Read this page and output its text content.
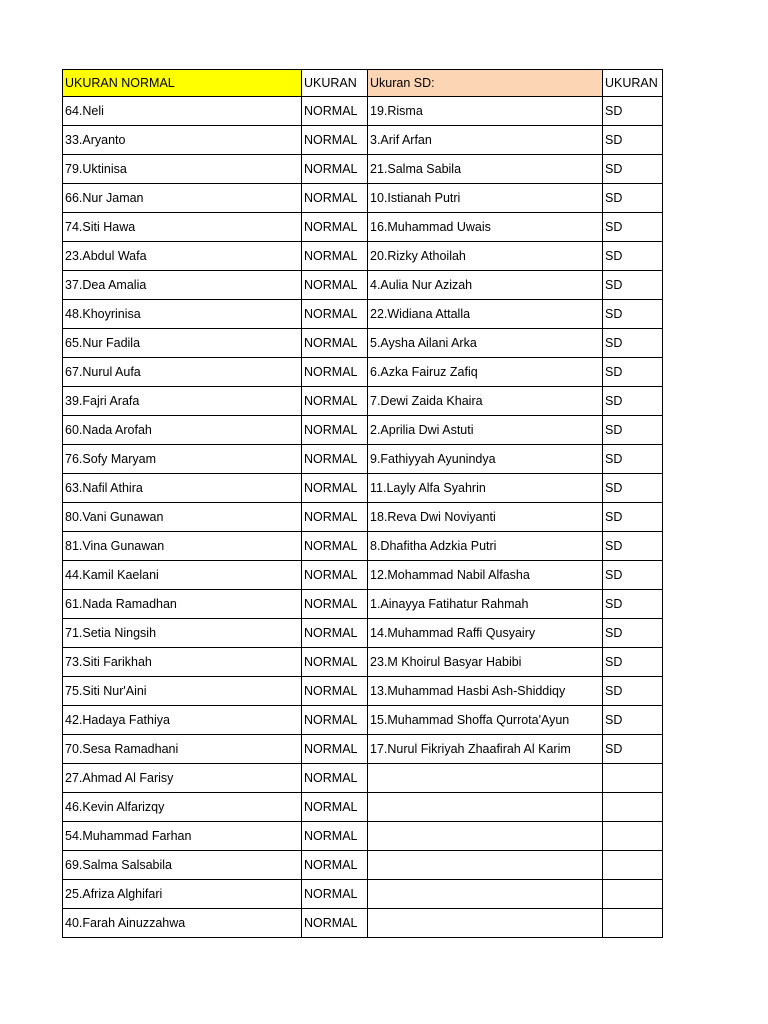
UKURAN NORMAL	UKURAN	Ukuran SD:	UKURAN
64.Neli	NORMAL	19.Risma	SD
33.Aryanto	NORMAL	3.Arif Arfan	SD
79.Uktinisa	NORMAL	21.Salma Sabila	SD
66.Nur Jaman	NORMAL	10.Istianah Putri	SD
74.Siti Hawa	NORMAL	16.Muhammad Uwais	SD
23.Abdul Wafa	NORMAL	20.Rizky Athoilah	SD
37.Dea Amalia	NORMAL	4.Aulia Nur Azizah	SD
48.Khoyrinisa	NORMAL	22.Widiana Attalla	SD
65.Nur Fadila	NORMAL	5.Aysha Ailani Arka	SD
67.Nurul Aufa	NORMAL	6.Azka Fairuz Zafiq	SD
39.Fajri Arafa	NORMAL	7.Dewi Zaida Khaira	SD
60.Nada Arofah	NORMAL	2.Aprilia Dwi Astuti	SD
76.Sofy Maryam	NORMAL	9.Fathiyyah Ayunindya	SD
63.Nafil Athira	NORMAL	11.Layly Alfa Syahrin	SD
80.Vani Gunawan	NORMAL	18.Reva Dwi Noviyanti	SD
81.Vina Gunawan	NORMAL	8.Dhafitha Adzkia Putri	SD
44.Kamil Kaelani	NORMAL	12.Mohammad Nabil Alfasha	SD
61.Nada Ramadhan	NORMAL	1.Ainayya Fatihatur Rahmah	SD
71.Setia Ningsih	NORMAL	14.Muhammad Raffi Qusyairy	SD
73.Siti Farikhah	NORMAL	23.M Khoirul Basyar Habibi	SD
75.Siti Nur'Aini	NORMAL	13.Muhammad Hasbi Ash-Shiddiqy	SD
42.Hadaya Fathiya	NORMAL	15.Muhammad Shoffa Qurrota'Ayun	SD
70.Sesa Ramadhani	NORMAL	17.Nurul Fikriyah Zhaafirah Al Karim	SD
27.Ahmad Al Farisy	NORMAL		
46.Kevin Alfarizqy	NORMAL		
54.Muhammad Farhan	NORMAL		
69.Salma Salsabila	NORMAL		
25.Afriza Alghifari	NORMAL		
40.Farah Ainuzzahwa	NORMAL		
